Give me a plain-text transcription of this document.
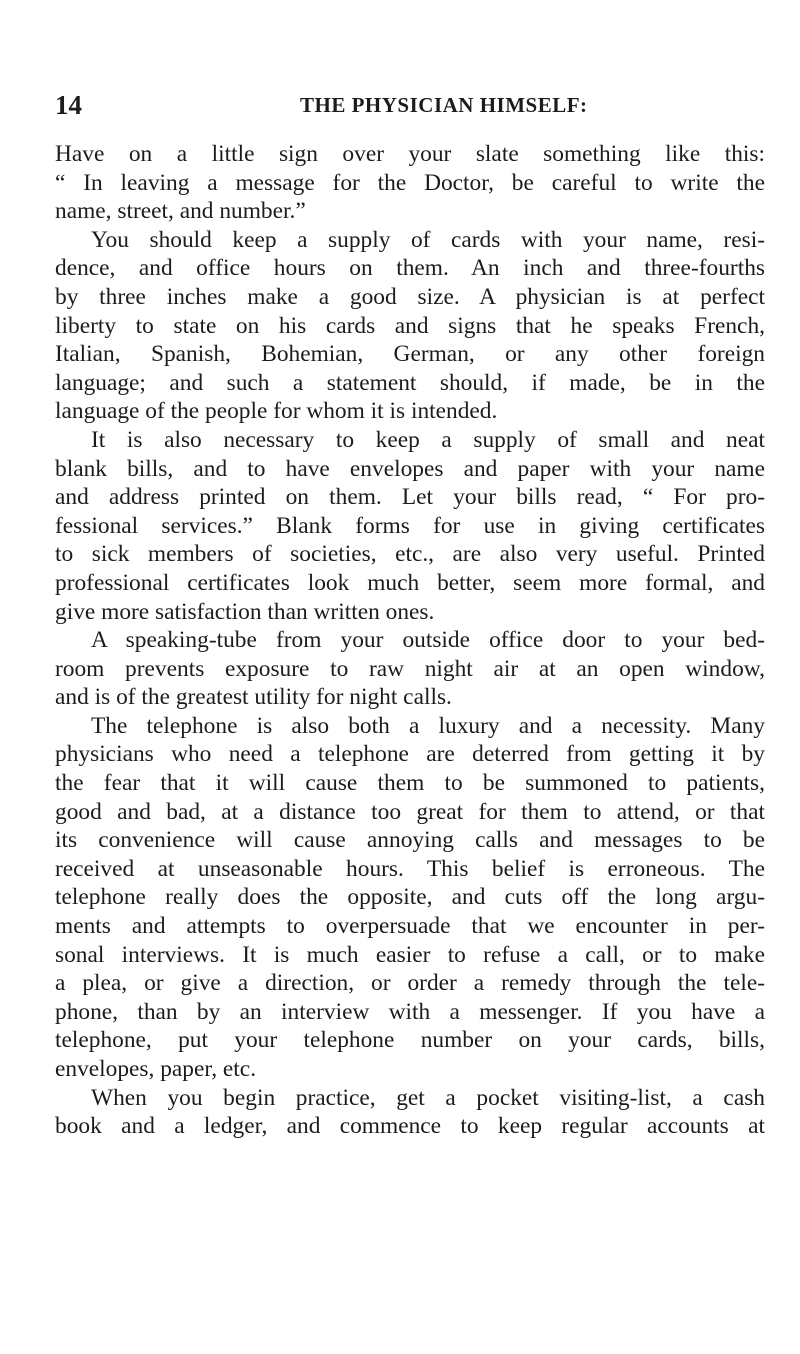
14	THE PHYSICIAN HIMSELF:
Have on a little sign over your slate something like this:
“ In leaving a message for the Doctor, be careful to write the
name, street, and number.”
You should keep a supply of cards with your name, resi-
dence, and office hours on them. An inch and three-fourths
by three inches make a good size. A physician is at perfect
liberty to state on his cards and signs that he speaks French,
Italian, Spanish, Bohemian, German, or any other foreign
language; and such a statement should, if made, be in the
language of the people for whom it is intended.
It is also necessary to keep a supply of small and neat
blank bills, and to have envelopes and paper with your name
and address printed on them. Let your bills read, “ For pro-
fessional services.” Blank forms for use in giving certificates
to sick members of societies, etc., are also very useful. Printed
professional certificates look much better, seem more formal, and
give more satisfaction than written ones.
A speaking-tube from your outside office door to your bed-
room prevents exposure to raw night air at an open window,
and is of the greatest utility for night calls.
The telephone is also both a luxury and a necessity. Many
physicians who need a telephone are deterred from getting it by
the fear that it will cause them to be summoned to patients,
good and bad, at a distance too great for them to attend, or that
its convenience will cause annoying calls and messages to be
received at unseasonable hours. This belief is erroneous. The
telephone really does the opposite, and cuts off the long argu-
ments and attempts to overpersuade that we encounter in per-
sonal interviews. It is much easier to refuse a call, or to make
a plea, or give a direction, or order a remedy through the tele-
phone, than by an interview with a messenger. If you have a
telephone, put your telephone number on your cards, bills,
envelopes, paper, etc.
When you begin practice, get a pocket visiting-list, a cash
book and a ledger, and commence to keep regular accounts at
